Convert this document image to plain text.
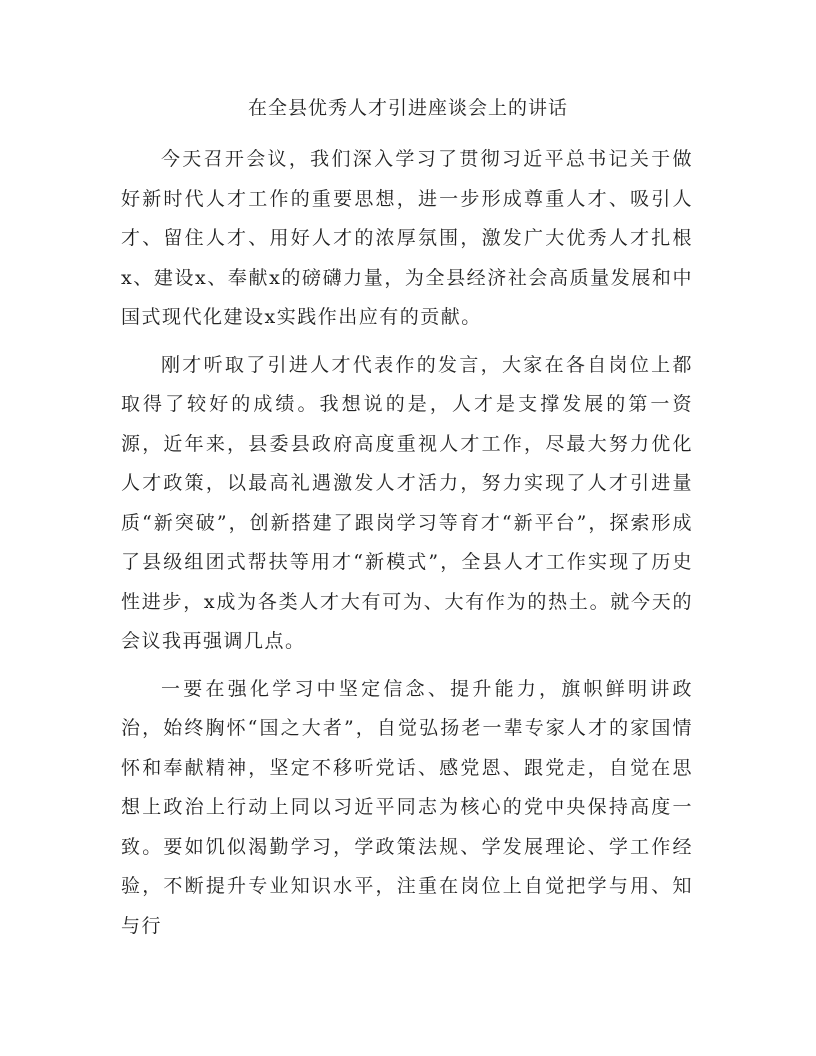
在全县优秀人才引进座谈会上的讲话

今天召开会议，我们深入学习了贯彻习近平总书记关于做好新时代人才工作的重要思想，进一步形成尊重人才、吸引人才、留住人才、用好人才的浓厚氛围，激发广大优秀人才扎根x、建设x、奉献x的磅礴力量，为全县经济社会高质量发展和中国式现代化建设x实践作出应有的贡献。

刚才听取了引进人才代表作的发言，大家在各自岗位上都取得了较好的成绩。我想说的是，人才是支撑发展的第一资源，近年来，县委县政府高度重视人才工作，尽最大努力优化人才政策，以最高礼遇激发人才活力，努力实现了人才引进量质“新突破”，创新搭建了跟岗学习等育才“新平台”，探索形成了县级组团式帮扶等用才“新模式”，全县人才工作实现了历史性进步，x成为各类人才大有可为、大有作为的热土。就今天的会议我再强调几点。

一要在强化学习中坚定信念、提升能力，旗帜鲜明讲政治，始终胸怀“国之大者”，自觉弘扬老一辈专家人才的家国情怀和奉献精神，坚定不移听党话、感党恩、跟党走，自觉在思想上政治上行动上同以习近平同志为核心的党中央保持高度一致。要如饥似渴勤学习，学政策法规、学发展理论、学工作经验，不断提升专业知识水平，注重在岗位上自觉把学与用、知与行
